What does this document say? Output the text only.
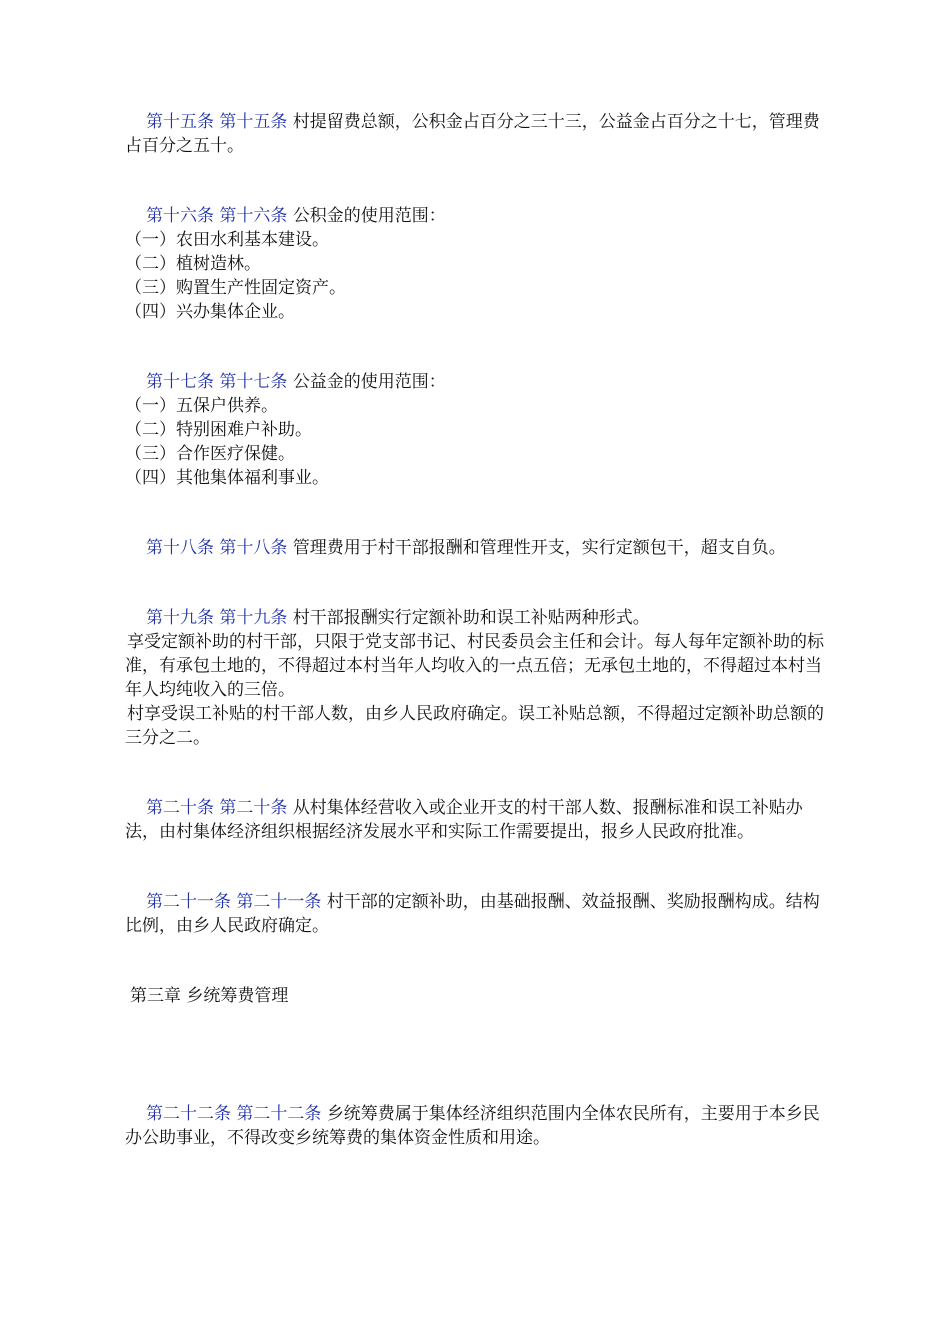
第十五条 第十五条 村提留费总额，公积金占百分之三十三，公益金占百分之十七，管理费占百分之五十。

第十六条 第十六条 公积金的使用范围：

（一）农田水利基本建设。

（二）植树造林。

（三）购置生产性固定资产。

（四）兴办集体企业。

第十七条 第十七条 公益金的使用范围：

（一）五保户供养。

（二）特别困难户补助。

（三）合作医疗保健。

（四）其他集体福利事业。

第十八条 第十八条 管理费用于村干部报酬和管理性开支，实行定额包干，超支自负。

第十九条 第十九条 村干部报酬实行定额补助和误工补贴两种形式。

享受定额补助的村干部，只限于党支部书记、村民委员会主任和会计。每人每年定额补助的标准，有承包土地的，不得超过本村当年人均收入的一点五倍；无承包土地的，不得超过本村当年人均纯收入的三倍。

村享受误工补贴的村干部人数，由乡人民政府确定。误工补贴总额，不得超过定额补助总额的三分之二。

第二十条 第二十条 从村集体经营收入或企业开支的村干部人数、报酬标准和误工补贴办法，由村集体经济组织根据经济发展水平和实际工作需要提出，报乡人民政府批准。

第二十一条 第二十一条 村干部的定额补助，由基础报酬、效益报酬、奖励报酬构成。结构比例，由乡人民政府确定。

第三章 乡统筹费管理

第二十二条 第二十二条 乡统筹费属于集体经济组织范围内全体农民所有，主要用于本乡民办公助事业，不得改变乡统筹费的集体资金性质和用途。
